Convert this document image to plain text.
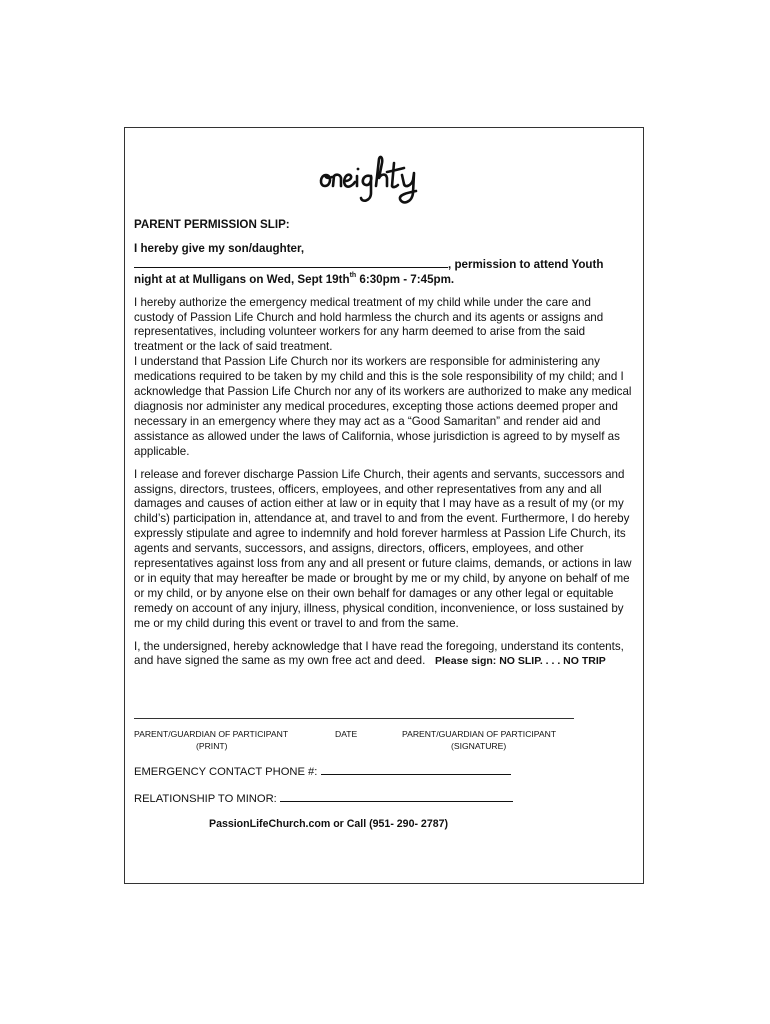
oneighty
PARENT PERMISSION SLIP:

I hereby give my son/daughter,

, permission to attend Youth

night at at Mulligans on Wed, Sept $19th^{th}$ 6:30pm - 7:45pm.

I hereby authorize the emergency medical treatment of my child while under the care and custody of Passion Life Church and hold harmless the church and its agents or assigns and representatives, including volunteer workers for any harm deemed to arise from the said treatment or the lack of said treatment.

I understand that Passion Life Church nor its workers are responsible for administering any medications required to be taken by my child and this is the sole responsibility of my child; and I acknowledge that Passion Life Church nor any of its workers are authorized to make any medical diagnosis nor administer any medical procedures, excepting those actions deemed proper and necessary in an emergency where they may act as a “Good Samaritan” and render aid and assistance as allowed under the laws of California, whose jurisdiction is agreed to by myself as applicable.

I release and forever discharge Passion Life Church, their agents and servants, successors and assigns, directors, trustees, officers, employees, and other representatives from any and all damages and causes of action either at law or in equity that I may have as a result of my (or my child’s) participation in, attendance at, and travel to and from the event. Furthermore, I do hereby expressly stipulate and agree to indemnify and hold forever harmless at Passion Life Church, its agents and servants, successors, and assigns, directors, officers, employees, and other representatives against loss from any and all present or future claims, demands, or actions in law or in equity that may hereafter be made or brought by me or my child, by anyone on behalf of me or my child, or by anyone else on their own behalf for damages or any other legal or equitable remedy on account of any injury, illness, physical condition, inconvenience, or loss sustained by me or my child during this event or travel to and from the same.

I, the undersigned, hereby acknowledge that I have read the foregoing, understand its contents, and have signed the same as my own free act and deed. Please sign: NO SLIP. . . . NO TRIP

PARENT/GUARDIAN OF PARTICIPANT
(PRINT)
DATE	PARENT/GUARDIAN OF PARTICIPANT
(SIGNATURE)
EMERGENCY CONTACT PHONE #:
RELATIONSHIP TO MINOR:
PassionLifeChurch.com or Call (951- 290- 2787)
